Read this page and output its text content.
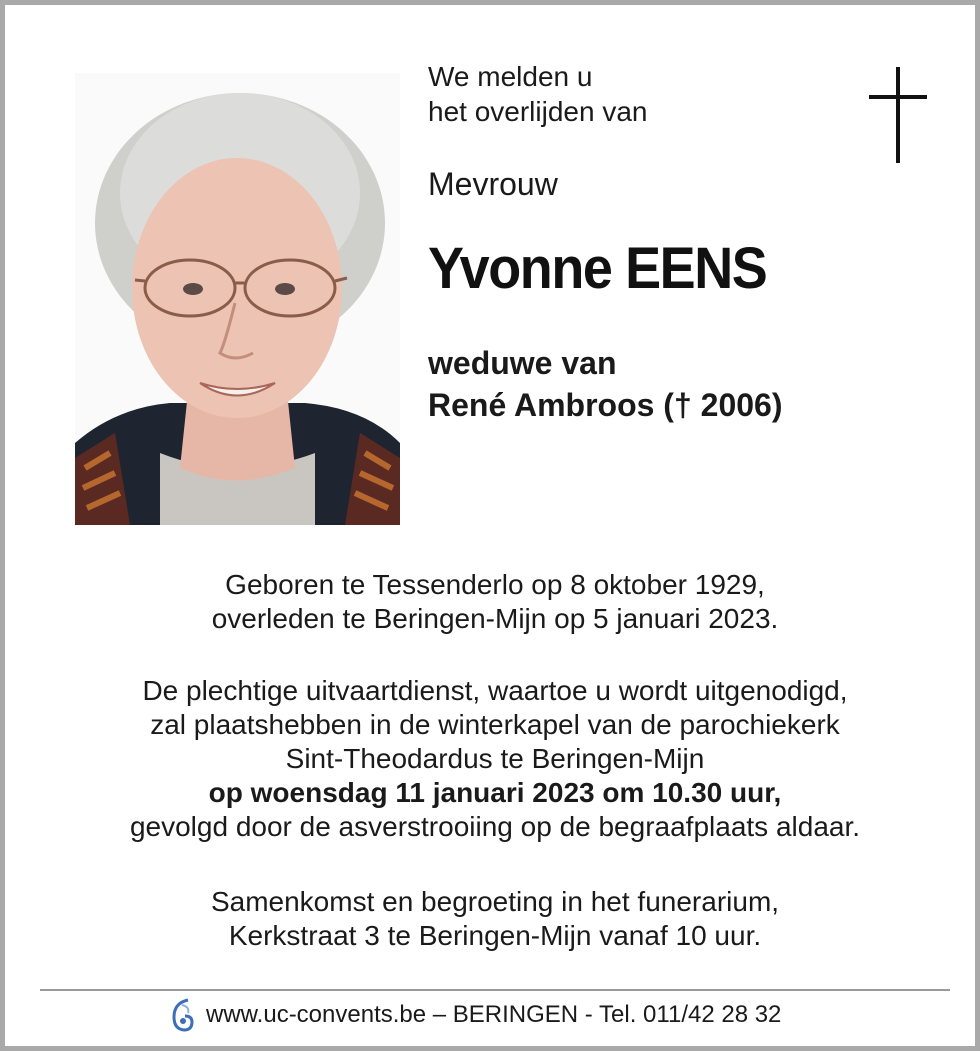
We melden u
het overlijden van
Mevrouw
Yvonne EENS
weduwe van
René Ambroos († 2006)
Geboren te Tessenderlo op 8 oktober 1929,
overleden te Beringen-Mijn op 5 januari 2023.
De plechtige uitvaartdienst, waartoe u wordt uitgenodigd,
zal plaatshebben in de winterkapel van de parochiekerk
Sint-Theodardus te Beringen-Mijn
op woensdag 11 januari 2023 om 10.30 uur,
gevolgd door de asverstrooiing op de begraafplaats aldaar.
Samenkomst en begroeting in het funerarium,
Kerkstraat 3 te Beringen-Mijn vanaf 10 uur.
www.uc-convents.be – BERINGEN - Tel. 011/42 28 32
